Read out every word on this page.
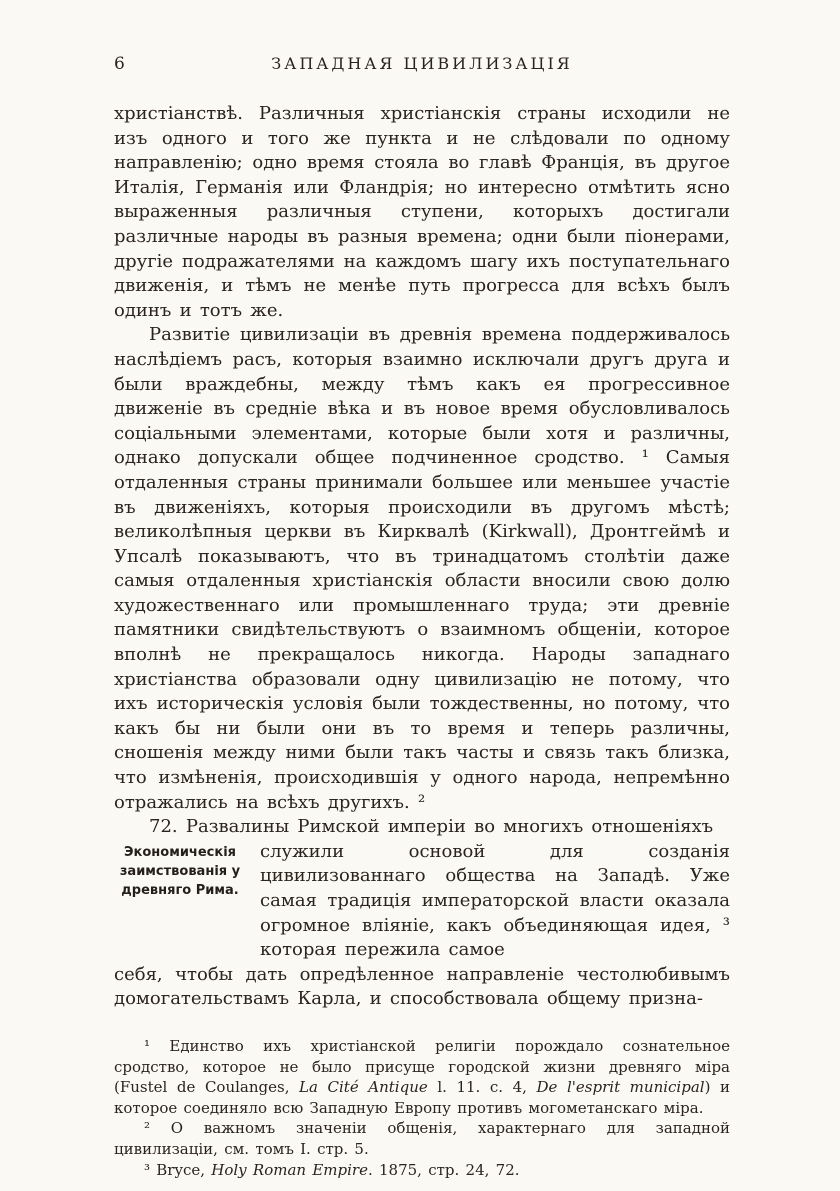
6	ЗАПАДНАЯ ЦИВИЛИЗАЦІЯ

христіанствѣ. Различныя христіанскія страны исходили не изъ одного и того же пункта и не слѣдовали по одному направленію; одно время стояла во главѣ Франція, въ другое Италія, Германія или Фландрія; но интересно отмѣтить ясно выраженныя различныя ступени, которыхъ достигали различные народы въ разныя времена; одни были піонерами, другіе подражателями на каждомъ шагу ихъ поступательнаго движенія, и тѣмъ не менѣе путь прогресса для всѣхъ былъ одинъ и тотъ же.

Развитіе цивилизаціи въ древнія времена поддерживалось наслѣдіемъ расъ, которыя взаимно исключали другъ друга и были враждебны, между тѣмъ какъ ея прогрессивное движеніе въ средніе вѣка и въ новое время обусловливалось соціальными элементами, которые были хотя и различны, однако допускали общее подчиненное сродство. ¹ Самыя отдаленныя страны принимали большее или меньшее участіе въ движеніяхъ, которыя происходили въ другомъ мѣстѣ; великолѣпныя церкви въ Кирквалѣ (Kirkwall), Дронтгеймѣ и Упсалѣ показываютъ, что въ тринадцатомъ столѣтіи даже самыя отдаленныя христіанскія области вносили свою долю художественнаго или промышленнаго труда; эти древніе памятники свидѣтельствуютъ о взаимномъ общеніи, которое вполнѣ не прекращалось никогда. Народы западнаго христіанства образовали одну цивилизацію не потому, что ихъ историческія условія были тождественны, но потому, что какъ бы ни были они въ то время и теперь различны, сношенія между ними были такъ часты и связь такъ близка, что измѣненія, происходившія у одного народа, непремѣнно отражались на всѣхъ другихъ. ²

72. Развалины Римской имперіи во многихъ отношеніяхъ

Экономическія заимствованія у древняго Рима.

служили основой для созданія цивилизованнаго общества на Западѣ. Уже самая традиція императорской власти оказала огромное вліяніе, какъ объединяющая идея, ³ которая пережила самое

себя, чтобы дать опредѣленное направленіе честолюбивымъ домогательствамъ Карла, и способствовала общему призна-

¹ Единство ихъ христіанской религіи порождало сознательное сродство, которое не было присуще городской жизни древняго міра (Fustel de Coulanges, La Cité Antique l. 11. с. 4, De l'esprit municipal) и которое соединяло всю Западную Европу противъ могометанскаго міра.

² О важномъ значеніи общенія, характернаго для западной цивилизаціи, см. томъ I. стр. 5.

³ Bryce, Holy Roman Empire. 1875, стр. 24, 72.
